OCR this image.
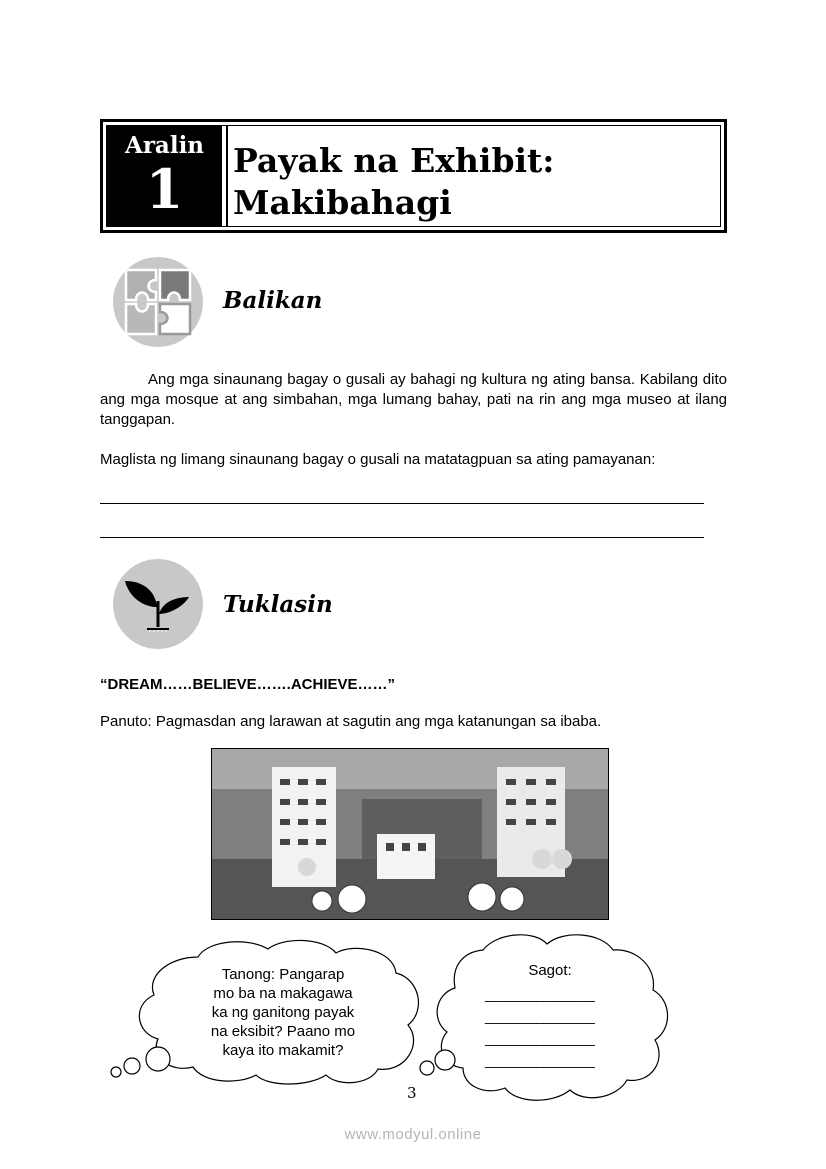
Aralin
1	Payak na Exhibit:
Makibahagi
Balikan
Ang mga sinaunang bagay o gusali ay bahagi ng kultura ng ating bansa. Kabilang dito ang mga mosque at ang simbahan, mga lumang bahay, pati na rin ang mga museo at ilang tanggapan.
Maglista ng limang sinaunang bagay o gusali na matatagpuan sa ating pamayanan:
Tuklasin
“DREAM……BELIEVE…….ACHIEVE……”
Panuto: Pagmasdan ang larawan at sagutin ang mga katanungan sa ibaba.
Tanong: Pangarap
mo ba na makagawa
ka ng ganitong payak
na eksibit? Paano mo
kaya ito makamit?
Sagot:
_______________
_______________
_______________
_______________
3
www.modyul.online
